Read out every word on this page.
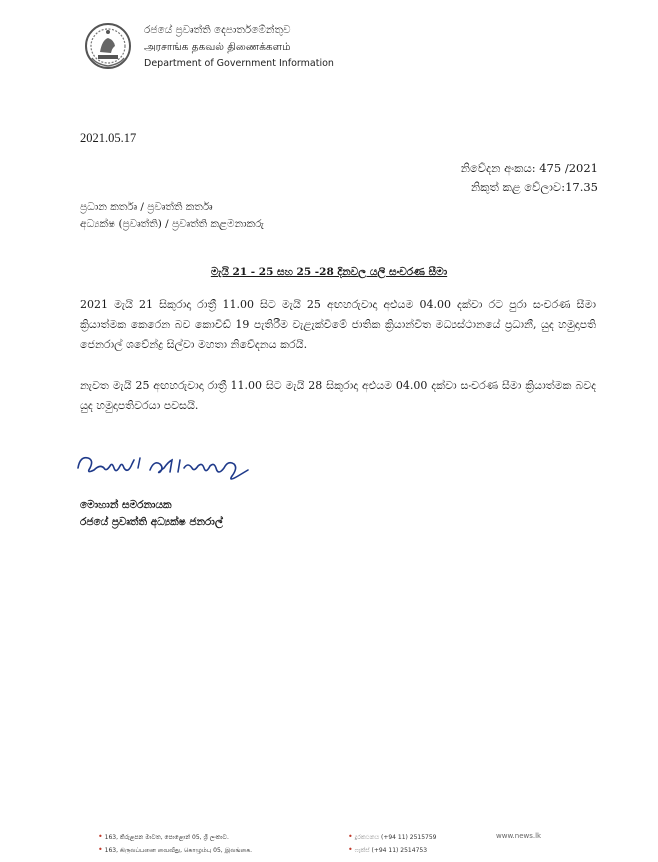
රජයේ ප්‍රවෘත්ති දෙපාර්තමේන්තුව
அரசாங்க தகவல் திணைக்களம்
Department of Government Information
2021.05.17
නිවේදන අංකය: 475 /2021
නිකුත් කළ වේලාව:17.35
ප්‍රධාන කර්තෘ / ප්‍රවෘත්ති කර්තෘ
අධ්‍යක්ෂ (ප්‍රවෘත්ති) / ප්‍රවෘත්ති කළමනාකරු
මැයි 21 - 25 සහ 25 -28 දිනවල යලි සංචරණ සීමා
2021 මැයි 21 සිකුරාදා රාත්‍රී 11.00 සිට මැයි 25 අඟහරුවාදා අළුයම 04.00 දක්වා රට පුරා සංචරණ සීමා ක්‍රියාත්මක කෙරෙන බව කොවිඩ් 19 පැතිරීම වැළැක්වීමේ ජාතික ක්‍රියාන්විත මධ්‍යස්ථානයේ ප්‍රධානී, යුද හමුදාපති ජෙනරාල් ශවේන්ද්‍ර සිල්වා මහතා නිවේදනය කරයි.
නැවත මැයි 25 අඟහරුවාදා රාත්‍රී 11.00 සිට මැයි 28 සිකුරාදා අළුයම 04.00 දක්වා සංචරණ සීමා ක්‍රියාත්මක බවද යුද හමුදාපතිවරයා පවසයි.
මොහාන් සමරනායක
රජයේ ප්‍රවෘත්ති අධ්‍යක්ෂ ජනරාල්
• 163, කිරුළපන මාවත, පොළොන් 05, ශ්‍රී ලංකාව.
• 163, கிருலப்பனை வைவீது, கொழும்பு 05, இலங்கை.
• දුරකථනය (+94 11) 2515759
• ෆැක්ස් (+94 11) 2514753
www.news.lk
